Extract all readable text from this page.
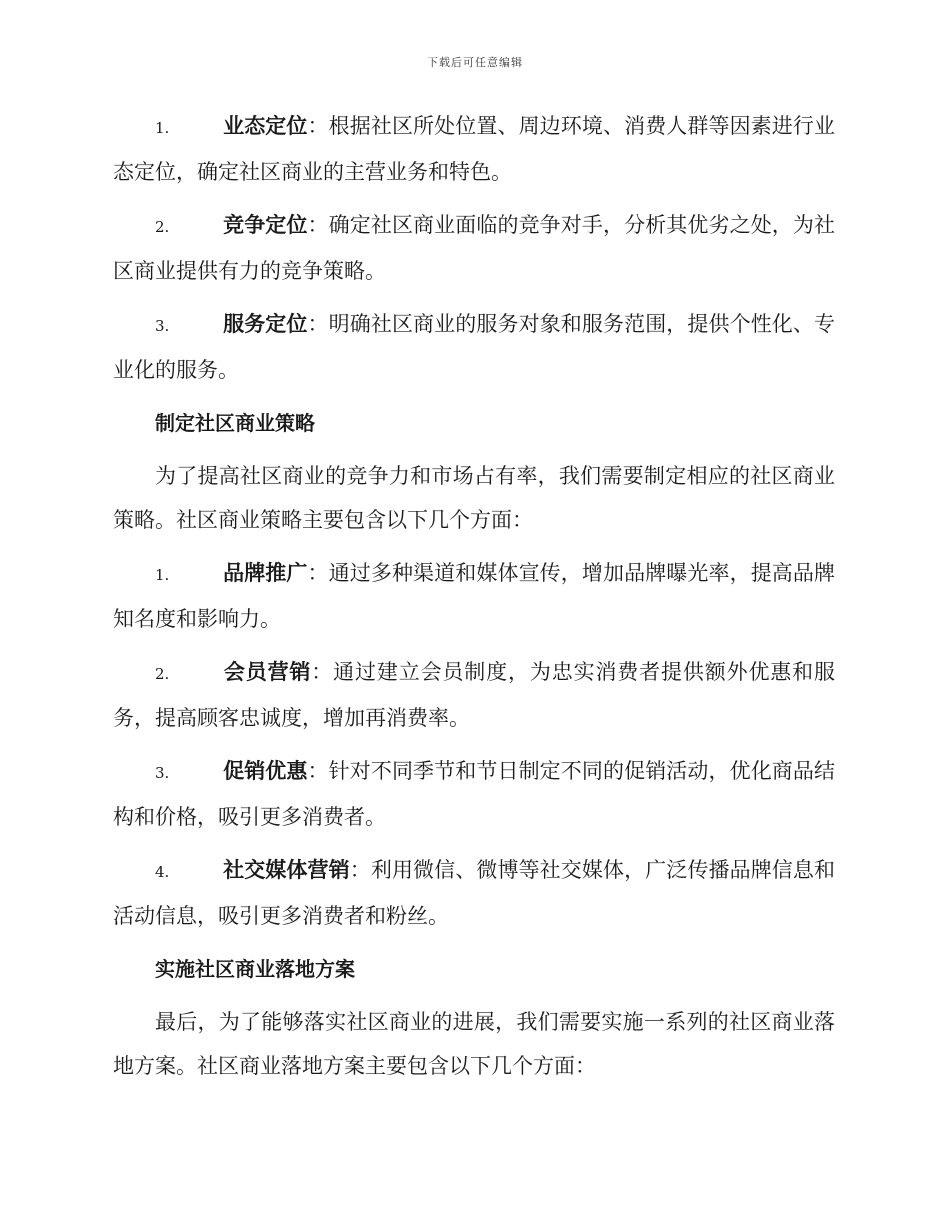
下载后可任意编辑

1.	业态定位：根据社区所处位置、周边环境、消费人群等因素进行业态定位，确定社区商业的主营业务和特色。

2.	竞争定位：确定社区商业面临的竞争对手，分析其优劣之处，为社区商业提供有力的竞争策略。

3.	服务定位：明确社区商业的服务对象和服务范围，提供个性化、专业化的服务。

制定社区商业策略

为了提高社区商业的竞争力和市场占有率，我们需要制定相应的社区商业策略。社区商业策略主要包含以下几个方面：

1.	品牌推广：通过多种渠道和媒体宣传，增加品牌曝光率，提高品牌知名度和影响力。

2.	会员营销：通过建立会员制度，为忠实消费者提供额外优惠和服务，提高顾客忠诚度，增加再消费率。

3.	促销优惠：针对不同季节和节日制定不同的促销活动，优化商品结构和价格，吸引更多消费者。

4.	社交媒体营销：利用微信、微博等社交媒体，广泛传播品牌信息和活动信息，吸引更多消费者和粉丝。

实施社区商业落地方案

最后，为了能够落实社区商业的进展，我们需要实施一系列的社区商业落地方案。社区商业落地方案主要包含以下几个方面：
